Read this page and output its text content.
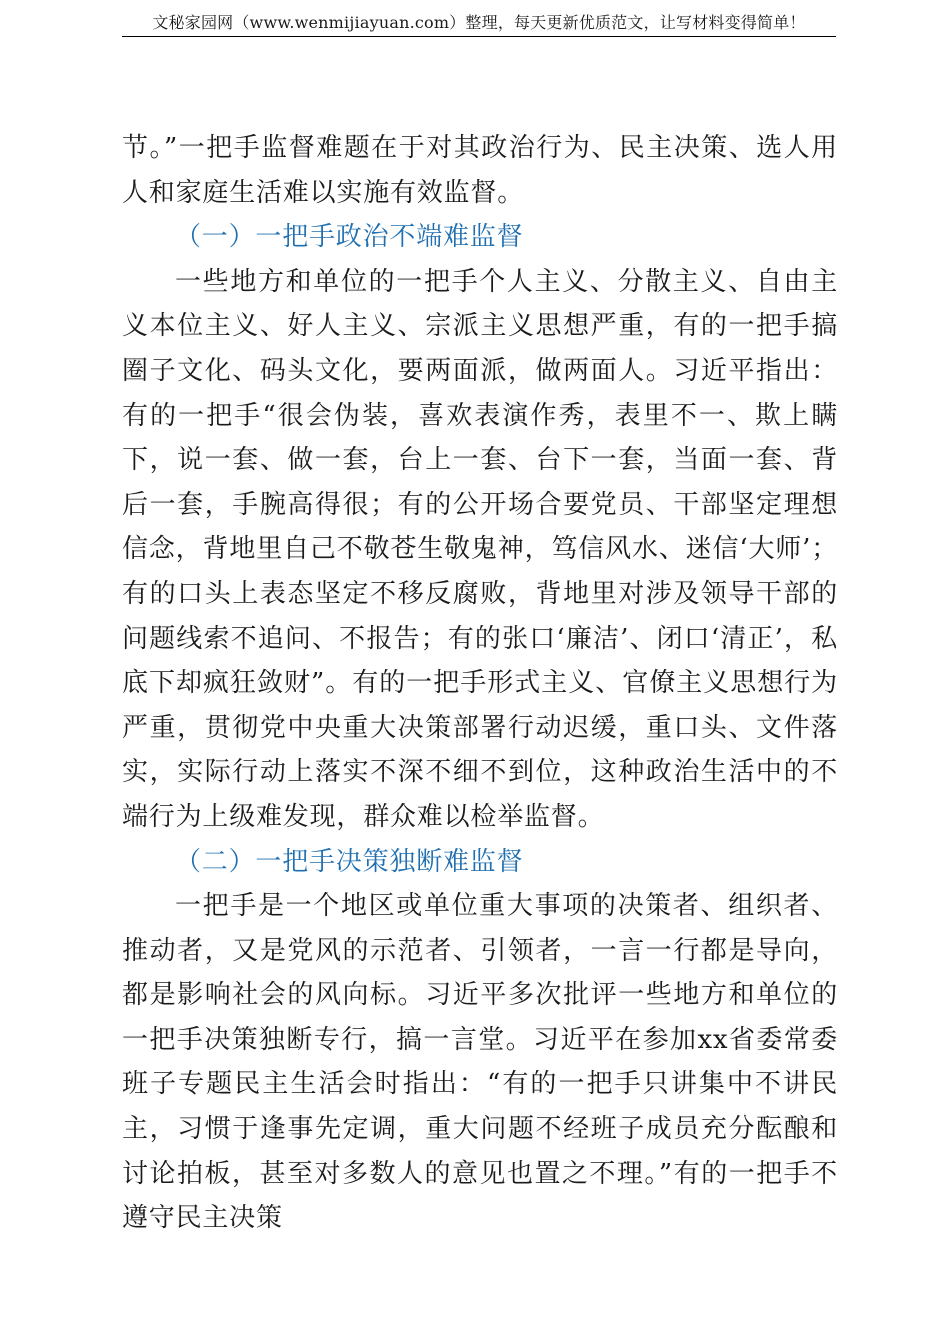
文秘家园网（www.wenmijiayuan.com）整理，每天更新优质范文，让写材料变得简单！

节。”一把手监督难题在于对其政治行为、民主决策、选人用人和家庭生活难以实施有效监督。

（一）一把手政治不端难监督

一些地方和单位的一把手个人主义、分散主义、自由主义本位主义、好人主义、宗派主义思想严重，有的一把手搞圈子文化、码头文化，要两面派，做两面人。习近平指出：有的一把手“很会伪装，喜欢表演作秀，表里不一、欺上瞒下，说一套、做一套，台上一套、台下一套，当面一套、背后一套，手腕高得很；有的公开场合要党员、干部坚定理想信念，背地里自己不敬苍生敬鬼神，笃信风水、迷信‘大师’；有的口头上表态坚定不移反腐败，背地里对涉及领导干部的问题线索不追问、不报告；有的张口‘廉洁’、闭口‘清正’，私底下却疯狂敛财”。有的一把手形式主义、官僚主义思想行为严重，贯彻党中央重大决策部署行动迟缓，重口头、文件落实，实际行动上落实不深不细不到位，这种政治生活中的不端行为上级难发现，群众难以检举监督。

（二）一把手决策独断难监督

一把手是一个地区或单位重大事项的决策者、组织者、推动者，又是党风的示范者、引领者，一言一行都是导向，都是影响社会的风向标。习近平多次批评一些地方和单位的一把手决策独断专行，搞一言堂。习近平在参加xx省委常委班子专题民主生活会时指出：“有的一把手只讲集中不讲民主，习惯于逢事先定调，重大问题不经班子成员充分酝酿和讨论拍板，甚至对多数人的意见也置之不理。”有的一把手不遵守民主决策
